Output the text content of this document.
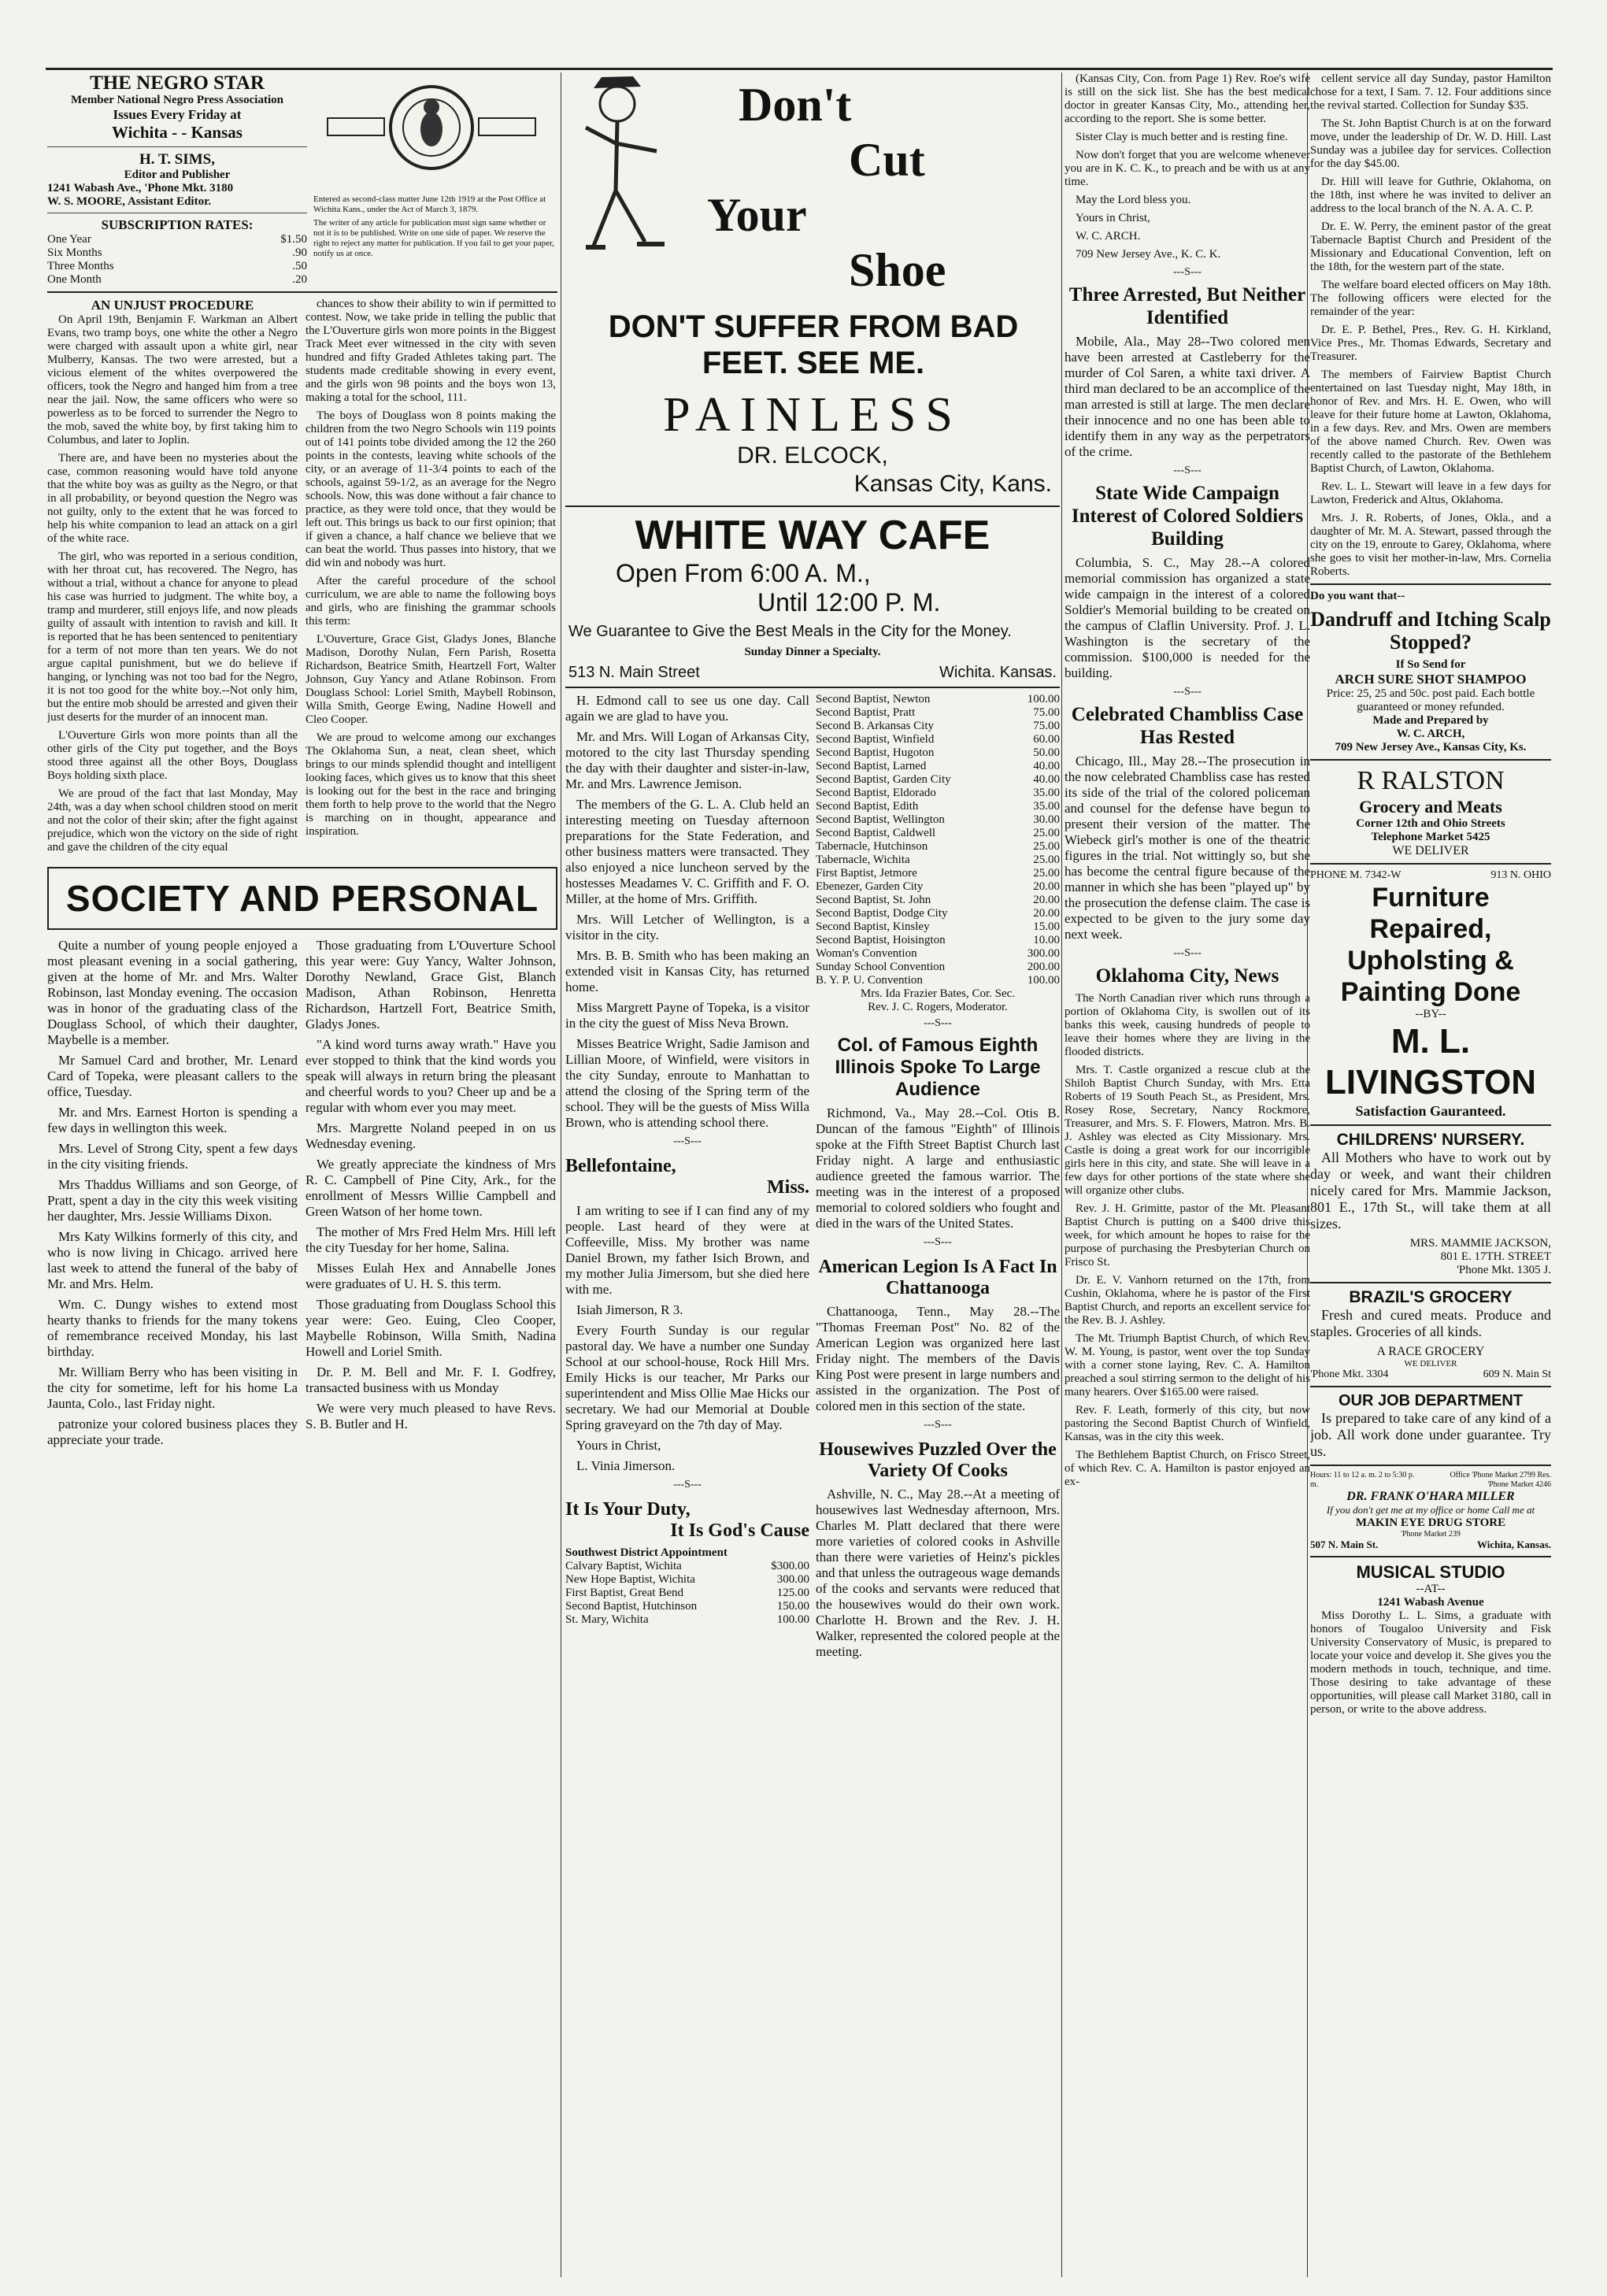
THE NEGRO STAR
Member National Negro Press Association
Issues Every Friday at
Wichita - - Kansas
H. T. SIMS,
Editor and Publisher
1241 Wabash Ave., 'Phone Mkt. 3180
W. S. MOORE, Assistant Editor.
SUBSCRIPTION RATES:
One Year	$1.50
Six Months	.90
Three Months	.50
One Month	.20
Entered as second-class matter June 12th 1919 at the Post Office at Wichita Kans., under the Act of March 3, 1879.
The writer of any article for publication must sign same whether or not it is to be published. Write on one side of paper. We reserve the right to reject any matter for publication. If you fail to get your paper, notify us at once.
AN UNJUST PROCEDURE

On April 19th, Benjamin F. Warkman an Albert Evans, two tramp boys, one white the other a Negro were charged with assault upon a white girl, near Mulberry, Kansas. The two were arrested, but a vicious element of the whites overpowered the officers, took the Negro and hanged him from a tree near the jail. Now, the same officers who were so powerless as to be forced to surrender the Negro to the mob, saved the white boy, by first taking him to Columbus, and later to Joplin.

There are, and have been no mysteries about the case, common reasoning would have told anyone that the white boy was as guilty as the Negro, or that in all probability, or beyond question the Negro was not guilty, only to the extent that he was forced to help his white companion to lead an attack on a girl of the white race.

The girl, who was reported in a serious condition, with her throat cut, has recovered. The Negro, has without a trial, without a chance for anyone to plead his case was hurried to judgment. The white boy, a tramp and murderer, still enjoys life, and now pleads guilty of assault with intention to ravish and kill. It is reported that he has been sentenced to penitentiary for a term of not more than ten years. We do not argue capital punishment, but we do believe if hanging, or lynching was not too bad for the Negro, it is not too good for the white boy.--Not only him, but the entire mob should be arrested and given their just deserts for the murder of an innocent man.

L'Ouverture Girls won more points than all the other girls of the City put together, and the Boys stood three against all the other Boys, Douglass Boys holding sixth place.

We are proud of the fact that last Monday, May 24th, was a day when school children stood on merit and not the color of their skin; after the fight against prejudice, which won the victory on the side of right and gave the children of the city equal

chances to show their ability to win if permitted to contest. Now, we take pride in telling the public that the L'Ouverture girls won more points in the Biggest Track Meet ever witnessed in the city with seven hundred and fifty Graded Athletes taking part. The students made creditable showing in every event, and the girls won 98 points and the boys won 13, making a total for the school, 111.

The boys of Douglass won 8 points making the children from the two Negro Schools win 119 points out of 141 points tobe divided among the 12 the 260 points in the contests, leaving white schools of the city, or an average of 11-3/4 points to each of the schools, against 59-1/2, as an average for the Negro schools. Now, this was done without a fair chance to practice, as they were told once, that they would be left out. This brings us back to our first opinion; that if given a chance, a half chance we believe that we can beat the world. Thus passes into history, that we did win and nobody was hurt.

After the careful procedure of the school curriculum, we are able to name the following boys and girls, who are finishing the grammar schools this term:

L'Ouverture, Grace Gist, Gladys Jones, Blanche Madison, Dorothy Nulan, Fern Parish, Rosetta Richardson, Beatrice Smith, Heartzell Fort, Walter Johnson, Guy Yancy and Atlane Robinson. From Douglass School: Loriel Smith, Maybell Robinson, Willa Smith, George Ewing, Nadine Howell and Cleo Cooper.

We are proud to welcome among our exchanges The Oklahoma Sun, a neat, clean sheet, which brings to our minds splendid thought and intelligent looking faces, which gives us to know that this sheet is looking out for the best in the race and bringing them forth to help prove to the world that the Negro is marching on in thought, appearance and inspiration.

SOCIETY AND PERSONAL

Quite a number of young people enjoyed a most pleasant evening in a social gathering, given at the home of Mr. and Mrs. Walter Robinson, last Monday evening. The occasion was in honor of the graduating class of the Douglass School, of which their daughter, Maybelle is a member.

Mr Samuel Card and brother, Mr. Lenard Card of Topeka, were pleasant callers to the office, Tuesday.

Mr. and Mrs. Earnest Horton is spending a few days in wellington this week.

Mrs. Level of Strong City, spent a few days in the city visiting friends.

Mrs Thaddus Williams and son George, of Pratt, spent a day in the city this week visiting her daughter, Mrs. Jessie Williams Dixon.

Mrs Katy Wilkins formerly of this city, and who is now living in Chicago. arrived here last week to attend the funeral of the baby of Mr. and Mrs. Helm.

Wm. C. Dungy wishes to extend most hearty thanks to friends for the many tokens of remembrance received Monday, his last birthday.

Mr. William Berry who has been visiting in the city for sometime, left for his home La Jaunta, Colo., last Friday night.

patronize your colored business places they appreciate your trade.

Those graduating from L'Ouverture School this year were: Guy Yancy, Walter Johnson, Dorothy Newland, Grace Gist, Blanch Madison, Athan Robinson, Henretta Richardson, Hartzell Fort, Beatrice Smith, Gladys Jones.

"A kind word turns away wrath." Have you ever stopped to think that the kind words you speak will always in return bring the pleasant and cheerful words to you? Cheer up and be a regular with whom ever you may meet.

Mrs. Margrette Noland peeped in on us Wednesday evening.

We greatly appreciate the kindness of Mrs R. C. Campbell of Pine City, Ark., for the enrollment of Messrs Willie Campbell and Green Watson of her home town.

The mother of Mrs Fred Helm Mrs. Hill left the city Tuesday for her home, Salina.

Misses Eulah Hex and Annabelle Jones were graduates of U. H. S. this term.

Those graduating from Douglass School this year were: Geo. Euing, Cleo Cooper, Maybelle Robinson, Willa Smith, Nadina Howell and Loriel Smith.

Dr. P. M. Bell and Mr. F. I. Godfrey, transacted business with us Monday

We were very much pleased to have Revs. S. B. Butler and H.

Don't
Cut
Your
Shoe
DON'T SUFFER FROM BAD FEET. SEE ME.
PAINLESS
DR. ELCOCK,
Kansas City, Kans.
WHITE WAY CAFE
Open From 6:00 A. M.,
Until 12:00 P. M.
We Guarantee to Give the Best Meals in the City for the Money.
Sunday Dinner a Specialty.
513 N. Main Street	Wichita. Kansas.

H. Edmond call to see us one day. Call again we are glad to have you.

Mr. and Mrs. Will Logan of Arkansas City, motored to the city last Thursday spending the day with their daughter and sister-in-law, Mr. and Mrs. Lawrence Jemison.

The members of the G. L. A. Club held an interesting meeting on Tuesday afternoon preparations for the State Federation, and other business matters were transacted. They also enjoyed a nice luncheon served by the hostesses Meadames V. C. Griffith and F. O. Miller, at the home of Mrs. Griffith.

Mrs. Will Letcher of Wellington, is a visitor in the city.

Mrs. B. B. Smith who has been making an extended visit in Kansas City, has returned home.

Miss Margrett Payne of Topeka, is a visitor in the city the guest of Miss Neva Brown.

Misses Beatrice Wright, Sadie Jamison and Lillian Moore, of Winfield, were visitors in the city Sunday, enroute to Manhattan to attend the closing of the Spring term of the school. They will be the guests of Miss Willa Brown, who is attending school there.

---S---
Bellefontaine,
Miss.

I am writing to see if I can find any of my people. Last heard of they were at Coffeeville, Miss. My brother was name Daniel Brown, my father Isich Brown, and my mother Julia Jimersom, but she died here with me.

Isiah Jimerson, R 3.

Every Fourth Sunday is our regular pastoral day. We have a number one Sunday School at our school-house, Rock Hill Mrs. Emily Hicks is our teacher, Mr Parks our superintendent and Miss Ollie Mae Hicks our secretary. We had our Memorial at Double Spring graveyard on the 7th day of May.

Yours in Christ,

L. Vinia Jimerson.

---S---
It Is Your Duty,
It Is God's Cause
Southwest District Appointment
Calvary Baptist, Wichita	$300.00
New Hope Baptist, Wichita	300.00
First Baptist, Great Bend	125.00
Second Baptist, Hutchinson	150.00
St. Mary, Wichita	100.00
Second Baptist, Newton	100.00
Second Baptist, Pratt	75.00
Second B. Arkansas City	75.00
Second Baptist, Winfield	60.00
Second Baptist, Hugoton	50.00
Second Baptist, Larned	40.00
Second Baptist, Garden City	40.00
Second Baptist, Eldorado	35.00
Second Baptist, Edith	35.00
Second Baptist, Wellington	30.00
Second Baptist, Caldwell	25.00
Tabernacle, Hutchinson	25.00
Tabernacle, Wichita	25.00
First Baptist, Jetmore	25.00
Ebenezer, Garden City	20.00
Second Baptist, St. John	20.00
Second Baptist, Dodge City	20.00
Second Baptist, Kinsley	15.00
Second Baptist, Hoisington	10.00
Woman's Convention	300.00
Sunday School Convention	200.00
B. Y. P. U. Convention	100.00
Mrs. Ida Frazier Bates, Cor. Sec.
Rev. J. C. Rogers, Moderator.
---S---
Col. of Famous Eighth Illinois Spoke To Large Audience

Richmond, Va., May 28.--Col. Otis B. Duncan of the famous "Eighth" of Illinois spoke at the Fifth Street Baptist Church last Friday night. A large and enthusiastic audience greeted the famous warrior. The meeting was in the interest of a proposed memorial to colored soldiers who fought and died in the wars of the United States.

---S---
American Legion Is A Fact In Chattanooga

Chattanooga, Tenn., May 28.--The "Thomas Freeman Post" No. 82 of the American Legion was organized here last Friday night. The members of the Davis King Post were present in large numbers and assisted in the organization. The Post of colored men in this section of the state.

---S---
Housewives Puzzled Over the Variety Of Cooks

Ashville, N. C., May 28.--At a meeting of housewives last Wednesday afternoon, Mrs. Charles M. Platt declared that there were more varieties of colored cooks in Ashville than there were varieties of Heinz's pickles and that unless the outrageous wage demands of the cooks and servants were reduced that the housewives would do their own work. Charlotte H. Brown and the Rev. J. H. Walker, represented the colored people at the meeting.

(Kansas City, Con. from Page 1) Rev. Roe's wife is still on the sick list. She has the best medical doctor in greater Kansas City, Mo., attending her, according to the report. She is some better.

Sister Clay is much better and is resting fine.

Now don't forget that you are welcome whenever you are in K. C. K., to preach and be with us at any time.

May the Lord bless you.

Yours in Christ,

W. C. ARCH.

709 New Jersey Ave., K. C. K.

---S---
Three Arrested, But Neither Identified

Mobile, Ala., May 28--Two colored men have been arrested at Castleberry for the murder of Col Saren, a white taxi driver. A third man declared to be an accomplice of the man arrested is still at large. The men declare their innocence and no one has been able to identify them in any way as the perpetrators of the crime.

---S---
State Wide Campaign Interest of Colored Soldiers Building

Columbia, S. C., May 28.--A colored memorial commission has organized a state wide campaign in the interest of a colored Soldier's Memorial building to be created on the campus of Claflin University. Prof. J. L. Washington is the secretary of the commission. $100,000 is needed for the building.

---S---
Celebrated Chambliss Case Has Rested

Chicago, Ill., May 28.--The prosecution in the now celebrated Chambliss case has rested its side of the trial of the colored policeman and counsel for the defense have begun to present their version of the matter. The Wiebeck girl's mother is one of the theatric figures in the trial. Not wittingly so, but she has become the central figure because of the manner in which she has been "played up" by the prosecution the defense claim. The case is expected to be given to the jury some day next week.

---S---
Oklahoma City, News

The North Canadian river which runs through a portion of Oklahoma City, is swollen out of its banks this week, causing hundreds of people to leave their homes where they are living in the flooded districts.

Mrs. T. Castle organized a rescue club at the Shiloh Baptist Church Sunday, with Mrs. Etta Roberts of 19 South Peach St., as President, Mrs. Rosey Rose, Secretary, Nancy Rockmore, Treasurer, and Mrs. S. F. Flowers, Matron. Mrs. B. J. Ashley was elected as City Missionary. Mrs. Castle is doing a great work for our incorrigible girls here in this city, and state. She will leave in a few days for other portions of the state where she will organize other clubs.

Rev. J. H. Grimitte, pastor of the Mt. Pleasant Baptist Church is putting on a $400 drive this week, for which amount he hopes to raise for the purpose of purchasing the Presbyterian Church on Frisco St.

Dr. E. V. Vanhorn returned on the 17th, from Cushin, Oklahoma, where he is pastor of the First Baptist Church, and reports an excellent service for the Rev. B. J. Ashley.

The Mt. Triumph Baptist Church, of which Rev. W. M. Young, is pastor, went over the top Sunday with a corner stone laying, Rev. C. A. Hamilton preached a soul stirring sermon to the delight of his many hearers. Over $165.00 were raised.

Rev. F. Leath, formerly of this city, but now pastoring the Second Baptist Church of Winfield, Kansas, was in the city this week.

The Bethlehem Baptist Church, on Frisco Street, of which Rev. C. A. Hamilton is pastor enjoyed an ex-

cellent service all day Sunday, pastor Hamilton chose for a text, I Sam. 7. 12. Four additions since the revival started. Collection for Sunday $35.

The St. John Baptist Church is at on the forward move, under the leadership of Dr. W. D. Hill. Last Sunday was a jubilee day for services. Collection for the day $45.00.

Dr. Hill will leave for Guthrie, Oklahoma, on the 18th, inst where he was invited to deliver an address to the local branch of the N. A. A. C. P.

Dr. E. W. Perry, the eminent pastor of the great Tabernacle Baptist Church and President of the Missionary and Educational Convention, left on the 18th, for the western part of the state.

The welfare board elected officers on May 18th. The following officers were elected for the remainder of the year:

Dr. E. P. Bethel, Pres., Rev. G. H. Kirkland, Vice Pres., Mr. Thomas Edwards, Secretary and Treasurer.

The members of Fairview Baptist Church entertained on last Tuesday night, May 18th, in honor of Rev. and Mrs. H. E. Owen, who will leave for their future home at Lawton, Oklahoma, in a few days. Rev. and Mrs. Owen are members of the above named Church. Rev. Owen was recently called to the pastorate of the Bethlehem Baptist Church, of Lawton, Oklahoma.

Rev. L. L. Stewart will leave in a few days for Lawton, Frederick and Altus, Oklahoma.

Mrs. J. R. Roberts, of Jones, Okla., and a daughter of Mr. M. A. Stewart, passed through the city on the 19, enroute to Garey, Oklahoma, where she goes to visit her mother-in-law, Mrs. Cornelia Roberts.

Do you want that--
Dandruff and Itching Scalp Stopped?
If So Send for
ARCH SURE SHOT SHAMPOO
Price: 25, 25 and 50c. post paid. Each bottle guaranteed or money refunded.
Made and Prepared by
W. C. ARCH,
709 New Jersey Ave., Kansas City, Ks.
R RALSTON
Grocery and Meats
Corner 12th and Ohio Streets
Telephone Market 5425
WE DELIVER
PHONE M. 7342-W	913 N. OHIO
Furniture Repaired, Upholsting & Painting Done
--BY--
M. L. LIVINGSTON
Satisfaction Gauranteed.
CHILDRENS' NURSERY.

All Mothers who have to work out by day or week, and want their children nicely cared for Mrs. Mammie Jackson, 801 E., 17th St., will take them at all sizes.

MRS. MAMMIE JACKSON,
801 E. 17TH. STREET
'Phone Mkt. 1305 J.
BRAZIL'S GROCERY

Fresh and cured meats. Produce and staples. Groceries of all kinds.

A RACE GROCERY
WE DELIVER
'Phone Mkt. 3304	609 N. Main St
OUR JOB DEPARTMENT

Is prepared to take care of any kind of a job. All work done under guarantee. Try us.

Hours: 11 to 12 a. m. 2 to 5:30 p. m.
Office 'Phone Market 2799 Res. 'Phone Market 4246
DR. FRANK O'HARA MILLER
If you don't get me at my office or home Call me at
MAKIN EYE DRUG STORE
'Phone Market 239
507 N. Main St.	Wichita, Kansas.
MUSICAL STUDIO
--AT--
1241 Wabash Avenue

Miss Dorothy L. L. Sims, a graduate with honors of Tougaloo University and Fisk University Conservatory of Music, is prepared to locate your voice and develop it. She gives you the modern methods in touch, technique, and time. Those desiring to take advantage of these opportunities, will please call Market 3180, call in person, or write to the above address.
